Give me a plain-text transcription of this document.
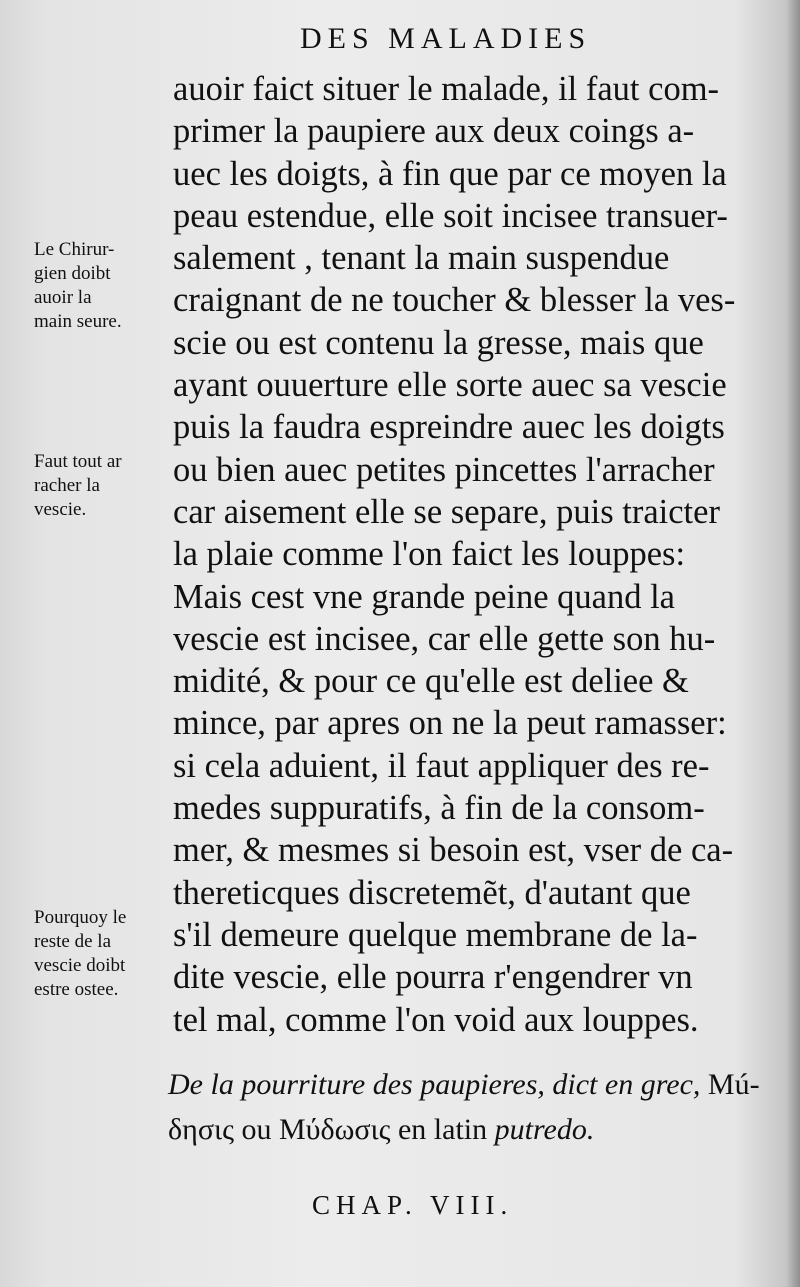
DES MALADIES
auoir faict situer le malade, il faut com-
primer la paupiere aux deux coings a-
uec les doigts, à fin que par ce moyen la
peau estendue, elle soit incisee transuer-
salement , tenant la main suspendue
craignant de ne toucher & blesser la ves-
scie ou est contenu la gresse, mais que
ayant ouuerture elle sorte auec sa vescie
puis la faudra espreindre auec les doigts
ou bien auec petites pincettes l'arracher
car aisement elle se separe, puis traicter
la plaie comme l'on faict les louppes:
Mais cest vne grande peine quand la
vescie est incisee, car elle gette son hu-
midité, & pour ce qu'elle est deliee &
mince, par apres on ne la peut ramasser:
si cela aduient, il faut appliquer des re-
medes suppuratifs, à fin de la consom-
mer, & mesmes si besoin est, vser de ca-
thereticques discretemẽt, d'autant que
s'il demeure quelque membrane de la-
dite vescie, elle pourra r'engendrer vn
tel mal, comme l'on void aux louppes.
Le Chirur-
gien doibt
auoir la
main seure.
Faut tout ar
racher la
vescie.
Pourquoy le
reste de la
vescie doibt
estre ostee.
De la pourriture des paupieres, dict en grec, Mú-
δησις ou Mύδωσις en latin putredo.
CHAP. VIII.
